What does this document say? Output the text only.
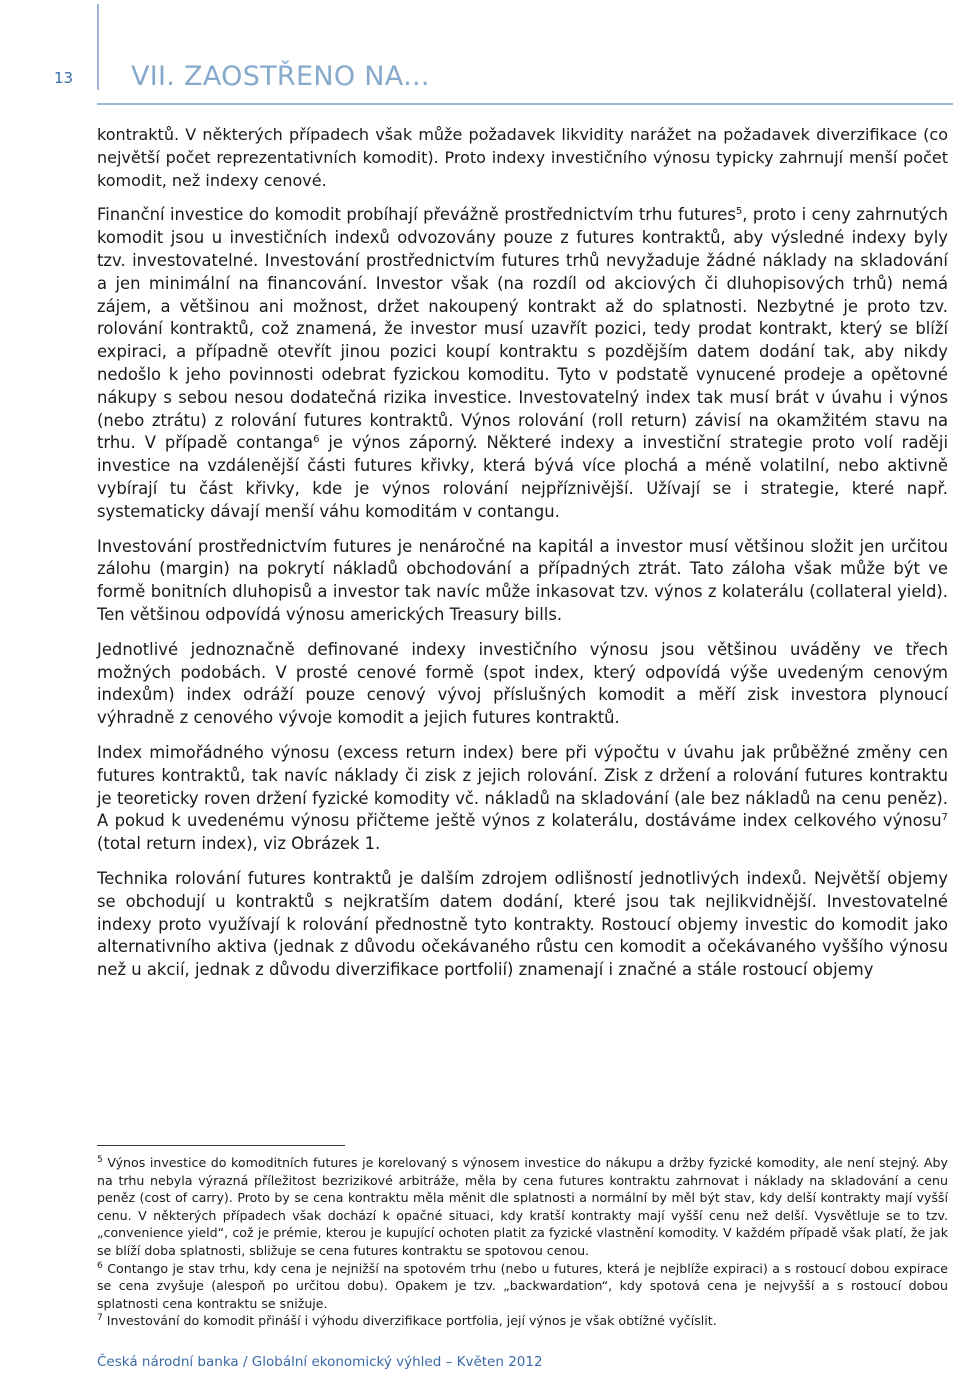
13 VII. ZAOSTŘENO NA...

kontraktů. V některých případech však může požadavek likvidity narážet na požadavek diverzifikace (co největší počet reprezentativních komodit). Proto indexy investičního výnosu typicky zahrnují menší počet komodit, než indexy cenové.

Finanční investice do komodit probíhají převážně prostřednictvím trhu futures$^5$, proto i ceny zahrnutých komodit jsou u investičních indexů odvozovány pouze z futures kontraktů, aby výsledné indexy byly tzv. investovatelné. Investování prostřednictvím futures trhů nevyžaduje žádné náklady na skladování a jen minimální na financování. Investor však (na rozdíl od akciových či dluhopisových trhů) nemá zájem, a většinou ani možnost, držet nakoupený kontrakt až do splatnosti. Nezbytné je proto tzv. rolování kontraktů, což znamená, že investor musí uzavřít pozici, tedy prodat kontrakt, který se blíží expiraci, a případně otevřít jinou pozici koupí kontraktu s pozdějším datem dodání tak, aby nikdy nedošlo k jeho povinnosti odebrat fyzickou komoditu. Tyto v podstatě vynucené prodeje a opětovné nákupy s sebou nesou dodatečná rizika investice. Investovatelný index tak musí brát v úvahu i výnos (nebo ztrátu) z rolování futures kontraktů. Výnos rolování (roll return) závisí na okamžitém stavu na trhu. V případě contanga$^6$ je výnos záporný. Některé indexy a investiční strategie proto volí raději investice na vzdálenější části futures křivky, která bývá více plochá a méně volatilní, nebo aktivně vybírají tu část křivky, kde je výnos rolování nejpříznivější. Užívají se i strategie, které např. systematicky dávají menší váhu komoditám v contangu.

Investování prostřednictvím futures je nenáročné na kapitál a investor musí většinou složit jen určitou zálohu (margin) na pokrytí nákladů obchodování a případných ztrát. Tato záloha však může být ve formě bonitních dluhopisů a investor tak navíc může inkasovat tzv. výnos z kolaterálu (collateral yield). Ten většinou odpovídá výnosu amerických Treasury bills.

Jednotlivé jednoznačně definované indexy investičního výnosu jsou většinou uváděny ve třech možných podobách. V prosté cenové formě (spot index, který odpovídá výše uvedeným cenovým indexům) index odráží pouze cenový vývoj příslušných komodit a měří zisk investora plynoucí výhradně z cenového vývoje komodit a jejich futures kontraktů.

Index mimořádného výnosu (excess return index) bere při výpočtu v úvahu jak průběžné změny cen futures kontraktů, tak navíc náklady či zisk z jejich rolování. Zisk z držení a rolování futures kontraktu je teoreticky roven držení fyzické komodity vč. nákladů na skladování (ale bez nákladů na cenu peněz). A pokud k uvedenému výnosu přičteme ještě výnos z kolaterálu, dostáváme index celkového výnosu$^7$ (total return index), viz Obrázek 1.

Technika rolování futures kontraktů je dalším zdrojem odlišností jednotlivých indexů. Největší objemy se obchodují u kontraktů s nejkratším datem dodání, které jsou tak nejlikvidnější. Investovatelné indexy proto využívají k rolování přednostně tyto kontrakty. Rostoucí objemy investic do komodit jako alternativního aktiva (jednak z důvodu očekávaného růstu cen komodit a očekávaného vyššího výnosu než u akcií, jednak z důvodu diverzifikace portfolií) znamenají i značné a stále rostoucí objemy

$^5$ Výnos investice do komoditních futures je korelovaný s výnosem investice do nákupu a držby fyzické komodity, ale není stejný. Aby na trhu nebyla výrazná příležitost bezrizikové arbitráže, měla by cena futures kontraktu zahrnovat i náklady na skladování a cenu peněz (cost of carry). Proto by se cena kontraktu měla měnit dle splatnosti a normální by měl být stav, kdy delší kontrakty mají vyšší cenu. V některých případech však dochází k opačné situaci, kdy kratší kontrakty mají vyšší cenu než delší. Vysvětluje se to tzv. „convenience yield“, což je prémie, kterou je kupující ochoten platit za fyzické vlastnění komodity. V každém případě však platí, že jak se blíží doba splatnosti, sbližuje se cena futures kontraktu se spotovou cenou.

$^6$ Contango je stav trhu, kdy cena je nejnižší na spotovém trhu (nebo u futures, která je nejblíže expiraci) a s rostoucí dobou expirace se cena zvyšuje (alespoň po určitou dobu). Opakem je tzv. „backwardation“, kdy spotová cena je nejvyšší a s rostoucí dobou splatnosti cena kontraktu se snižuje.

$^7$ Investování do komodit přináší i výhodu diverzifikace portfolia, její výnos je však obtížné vyčíslit.

Česká národní banka / Globální ekonomický výhled – Květen 2012
